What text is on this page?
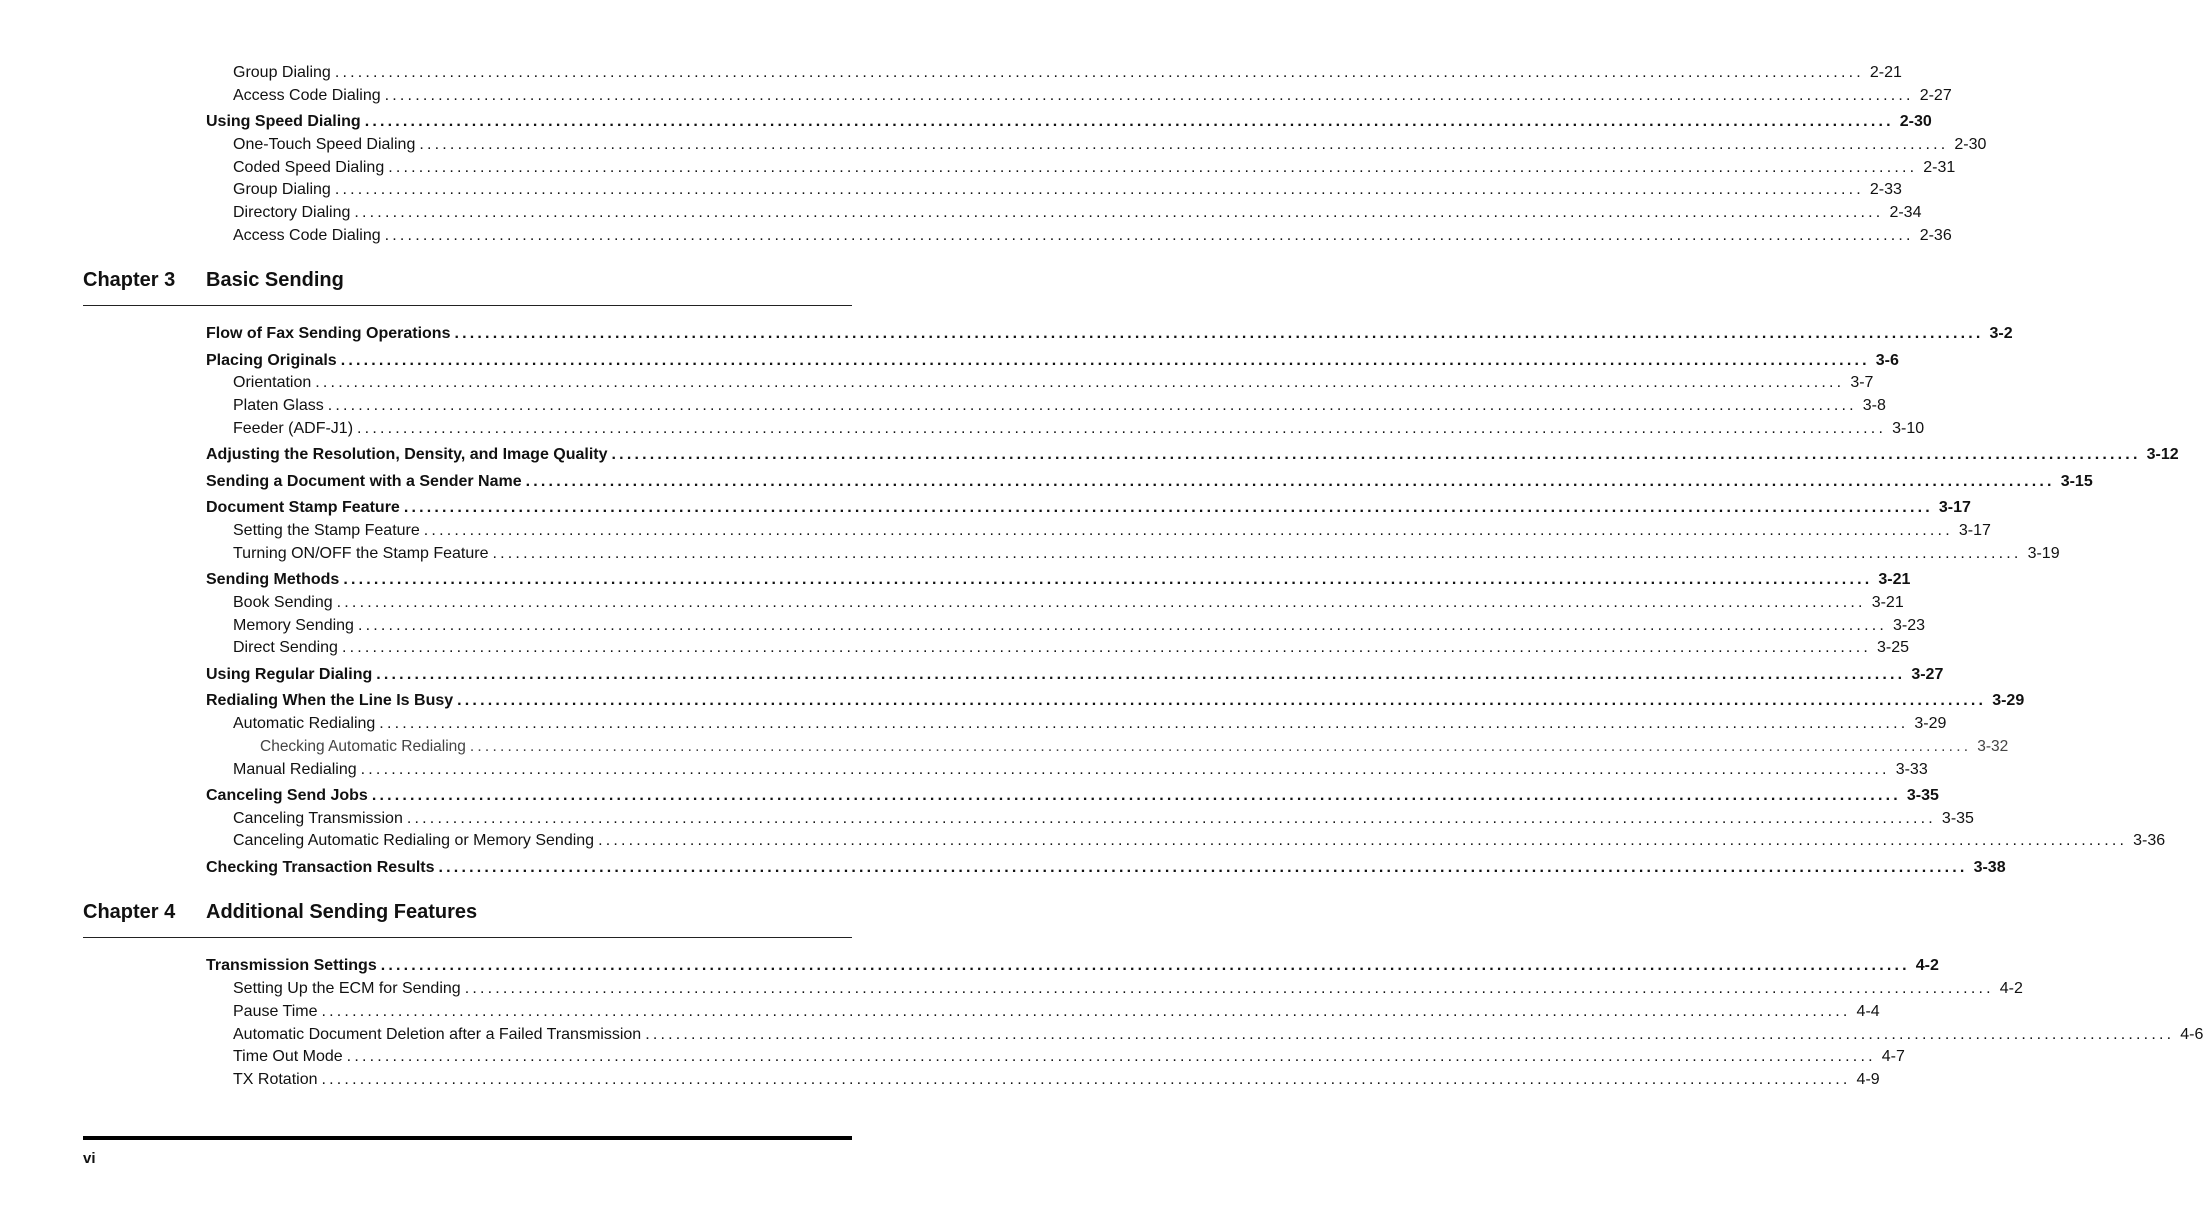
Group Dialing ........................................................................................................................................................................................................ 2-21
Access Code Dialing ........................................................................................................................................................................................................ 2-27
Using Speed Dialing ........................................................................................................................................................................................................ 2-30
One-Touch Speed Dialing ........................................................................................................................................................................................................ 2-30
Coded Speed Dialing ........................................................................................................................................................................................................ 2-31
Group Dialing ........................................................................................................................................................................................................ 2-33
Directory Dialing ........................................................................................................................................................................................................ 2-34
Access Code Dialing ........................................................................................................................................................................................................ 2-36
Chapter 3 Basic Sending
Flow of Fax Sending Operations ........................................................................................................................................................................................................ 3-2
Placing Originals ........................................................................................................................................................................................................ 3-6
Orientation ........................................................................................................................................................................................................ 3-7
Platen Glass ........................................................................................................................................................................................................ 3-8
Feeder (ADF-J1) ........................................................................................................................................................................................................ 3-10
Adjusting the Resolution, Density, and Image Quality ........................................................................................................................................................................................................ 3-12
Sending a Document with a Sender Name ........................................................................................................................................................................................................ 3-15
Document Stamp Feature ........................................................................................................................................................................................................ 3-17
Setting the Stamp Feature ........................................................................................................................................................................................................ 3-17
Turning ON/OFF the Stamp Feature ........................................................................................................................................................................................................ 3-19
Sending Methods ........................................................................................................................................................................................................ 3-21
Book Sending ........................................................................................................................................................................................................ 3-21
Memory Sending ........................................................................................................................................................................................................ 3-23
Direct Sending ........................................................................................................................................................................................................ 3-25
Using Regular Dialing ........................................................................................................................................................................................................ 3-27
Redialing When the Line Is Busy ........................................................................................................................................................................................................ 3-29
Automatic Redialing ........................................................................................................................................................................................................ 3-29
Checking Automatic Redialing ........................................................................................................................................................................................................ 3-32
Manual Redialing ........................................................................................................................................................................................................ 3-33
Canceling Send Jobs ........................................................................................................................................................................................................ 3-35
Canceling Transmission ........................................................................................................................................................................................................ 3-35
Canceling Automatic Redialing or Memory Sending ........................................................................................................................................................................................................ 3-36
Checking Transaction Results ........................................................................................................................................................................................................ 3-38
Chapter 4 Additional Sending Features
Transmission Settings ........................................................................................................................................................................................................ 4-2
Setting Up the ECM for Sending ........................................................................................................................................................................................................ 4-2
Pause Time ........................................................................................................................................................................................................ 4-4
Automatic Document Deletion after a Failed Transmission ........................................................................................................................................................................................................ 4-6
Time Out Mode ........................................................................................................................................................................................................ 4-7
TX Rotation ........................................................................................................................................................................................................ 4-9
vi
